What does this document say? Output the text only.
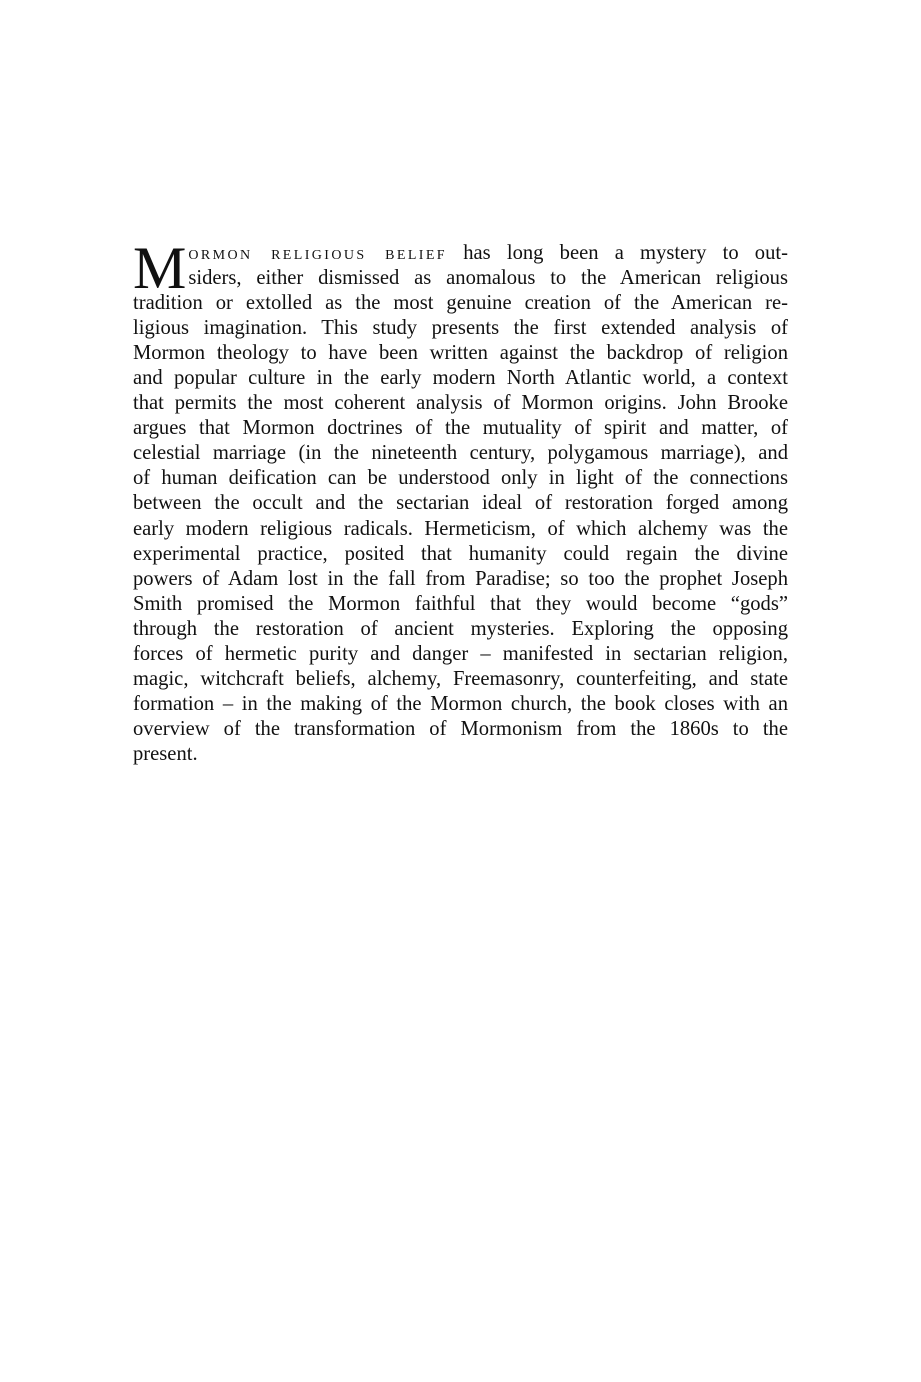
M ormon religious belief has long been a mystery to out-
siders, either dismissed as anomalous to the American religious
tradition or extolled as the most genuine creation of the American re-
ligious imagination. This study presents the first extended analysis of
Mormon theology to have been written against the backdrop of religion
and popular culture in the early modern North Atlantic world, a context
that permits the most coherent analysis of Mormon origins. John Brooke
argues that Mormon doctrines of the mutuality of spirit and matter, of
celestial marriage (in the nineteenth century, polygamous marriage), and
of human deification can be understood only in light of the connections
between the occult and the sectarian ideal of restoration forged among
early modern religious radicals. Hermeticism, of which alchemy was the
experimental practice, posited that humanity could regain the divine
powers of Adam lost in the fall from Paradise; so too the prophet Joseph
Smith promised the Mormon faithful that they would become “gods”
through the restoration of ancient mysteries. Exploring the opposing
forces of hermetic purity and danger – manifested in sectarian religion,
magic, witchcraft beliefs, alchemy, Freemasonry, counterfeiting, and state
formation – in the making of the Mormon church, the book closes with an
overview of the transformation of Mormonism from the 1860s to the
present.
